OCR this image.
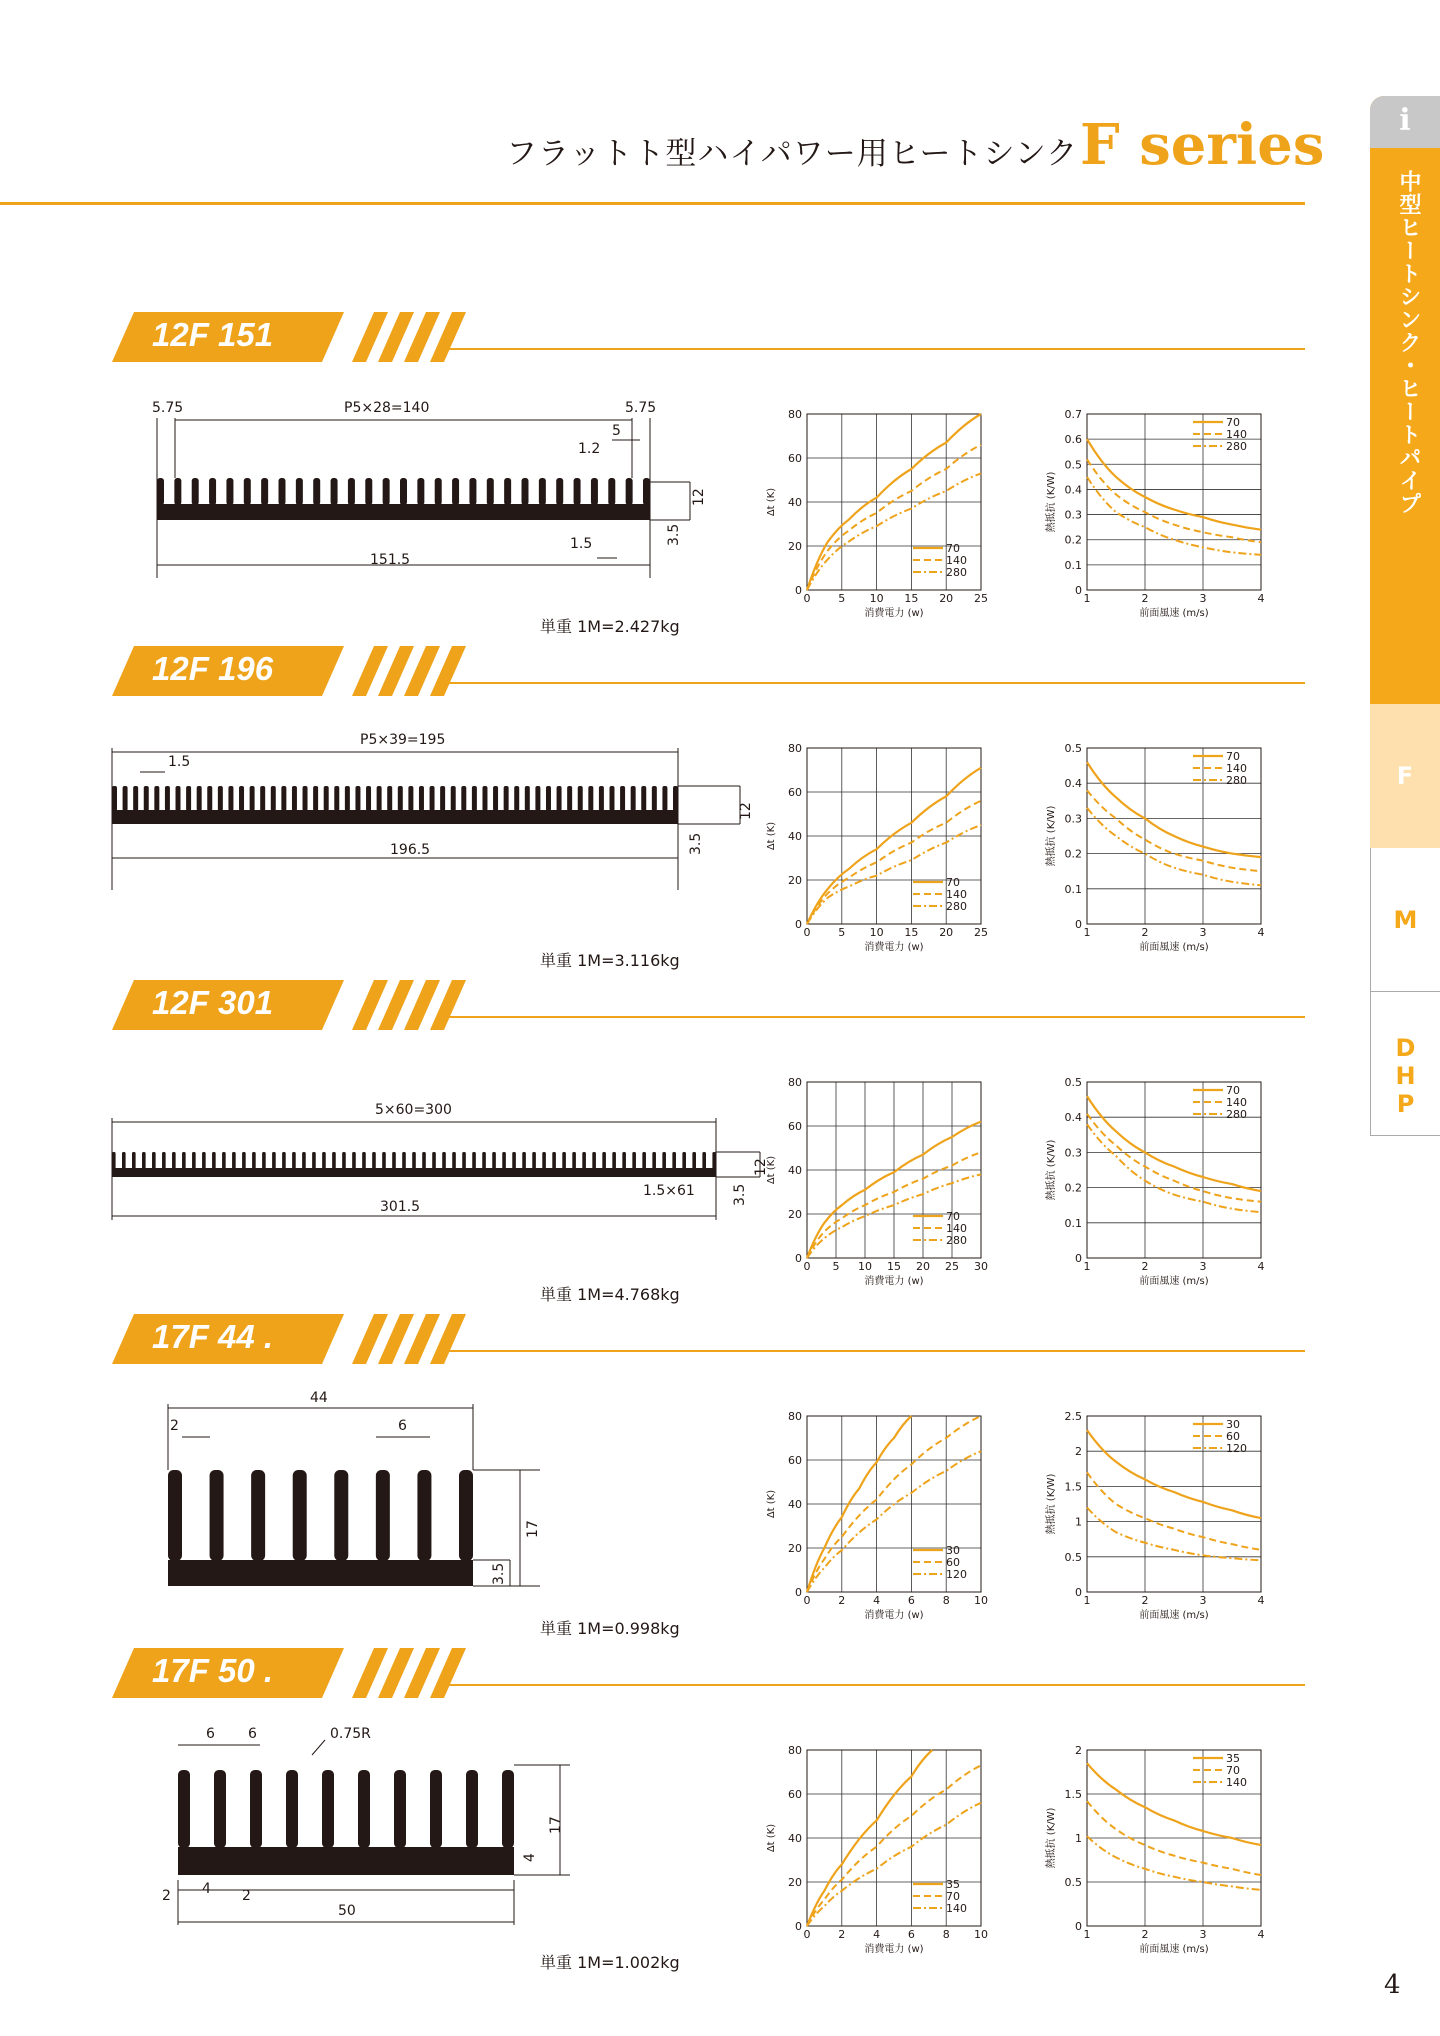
フラットト型ハイパワー用ヒートシンク F series	i
中型ヒートシンク・ヒートパイプ
F
M
DHP
4
12F 151
単重 1M=2.427kg
12F 196
単重 1M=3.116kg
12F 301
単重 1M=4.768kg
17F 44 .
単重 1M=0.998kg
17F 50 .
単重 1M=1.002kg
0	5 10 15 20 25
0
20
40
60
80
消費電力 (w)
Δt (K)
70
140
280
1	2	3	4
0
0.1
0.2
0.3
0.4
0.5
0.6
0.7
前面風速 (m/s)
熱抵抗 (K/W)
70
140
280
0	5 10 15 20 25
0
20
40
60
80
消費電力 (w)
Δt (K)
70
140
280
1	2	3	4
0
0.1
0.2
0.3
0.4
0.5
前面風速 (m/s)
熱抵抗 (K/W)
70
140
280
0 5 10 15 20 25 30
0
20
40
60
80
消費電力 (w)
Δt (K)
70
140
280
1	2	3	4
0
0.1
0.2
0.3
0.4
0.5
前面風速 (m/s)
熱抵抗 (K/W)
70
140
280
0	2	4	6	8 10
0
20
40
60
80
消費電力 (w)
Δt (K)
30
60
120
1	2	3	4
0
0.5
1
1.5
2
2.5
前面風速 (m/s)
熱抵抗 (K/W)
30
60
120
0	2	4	6	8 10
0
20
40
60
80
消費電力 (w)
Δt (K)
35
70
140
1	2	3	4
0
0.5
1
1.5
2
前面風速 (m/s)
熱抵抗 (K/W)
35
70
140
5.75	P5×28=140	5.75
5
1.2
12
3.5
1.5
151.5
P5×39=195
1.5
12
196.5	3.5
5×60=300
12
1.5×61	3.5
301.5
44
2	6
17
3.5
6 6	0.75R
17
4
2 4 2
50
